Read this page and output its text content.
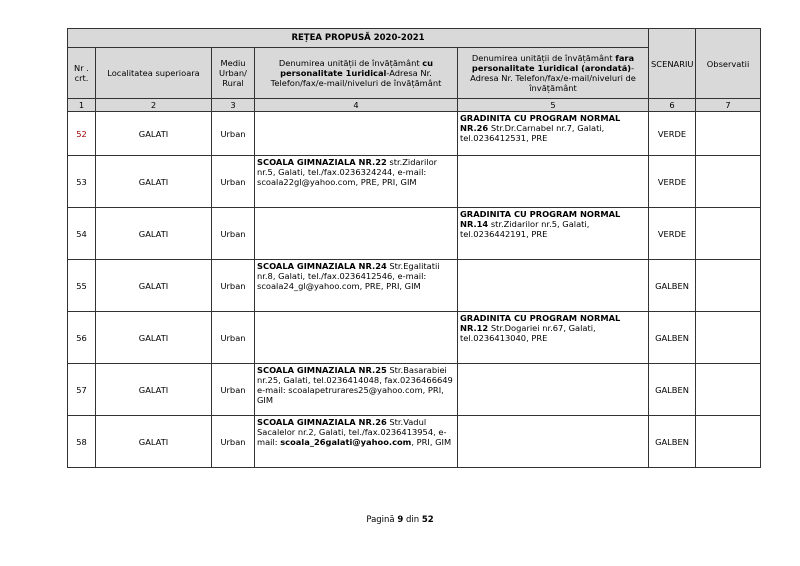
REȚEA PROPUSĂ 2020-2021					SCENARIU	Observatii
Nr . crt.	Localitatea superioara	Mediu Urban/ Rural	Denumirea unității de învățământ cu personalitate 1uridical-Adresa Nr. Telefon/fax/e-mail/niveluri de învățământ	Denumirea unității de învățământ fara personalitate 1uridical (arondată)-Adresa Nr. Telefon/fax/e-mail/niveluri de învățământ		
1	2	3	4	5	6	7
52	GALATI	Urban		GRADINITA CU PROGRAM NORMAL NR.26 Str.Dr.Carnabel nr.7, Galati, tel.0236412531, PRE	VERDE	
53	GALATI	Urban	SCOALA GIMNAZIALA NR.22 str.Zidarilor nr.5, Galati, tel./fax.0236324244, e-mail: scoala22gl@yahoo.com, PRE, PRI, GIM		VERDE	
54	GALATI	Urban		GRADINITA CU PROGRAM NORMAL NR.14 str.Zidarilor nr.5, Galati, tel.0236442191, PRE	VERDE	
55	GALATI	Urban	SCOALA GIMNAZIALA NR.24 Str.Egalitatii nr.8, Galati, tel./fax.0236412546, e-mail: scoala24_gl@yahoo.com, PRE, PRI, GIM		GALBEN	
56	GALATI	Urban		GRADINITA CU PROGRAM NORMAL NR.12 Str.Dogariei nr.67, Galati, tel.0236413040, PRE	GALBEN	
57	GALATI	Urban	SCOALA GIMNAZIALA NR.25 Str.Basarabiei nr.25, Galati, tel.0236414048, fax.0236466649 e-mail: scoalapetrurares25@yahoo.com, PRI, GIM		GALBEN	
58	GALATI	Urban	SCOALA GIMNAZIALA NR.26 Str.Vadul Sacalelor nr.2, Galati, tel./fax.0236413954, e-mail: scoala_26galati@yahoo.com, PRI, GIM		GALBEN	
Pagină 9 din 52
